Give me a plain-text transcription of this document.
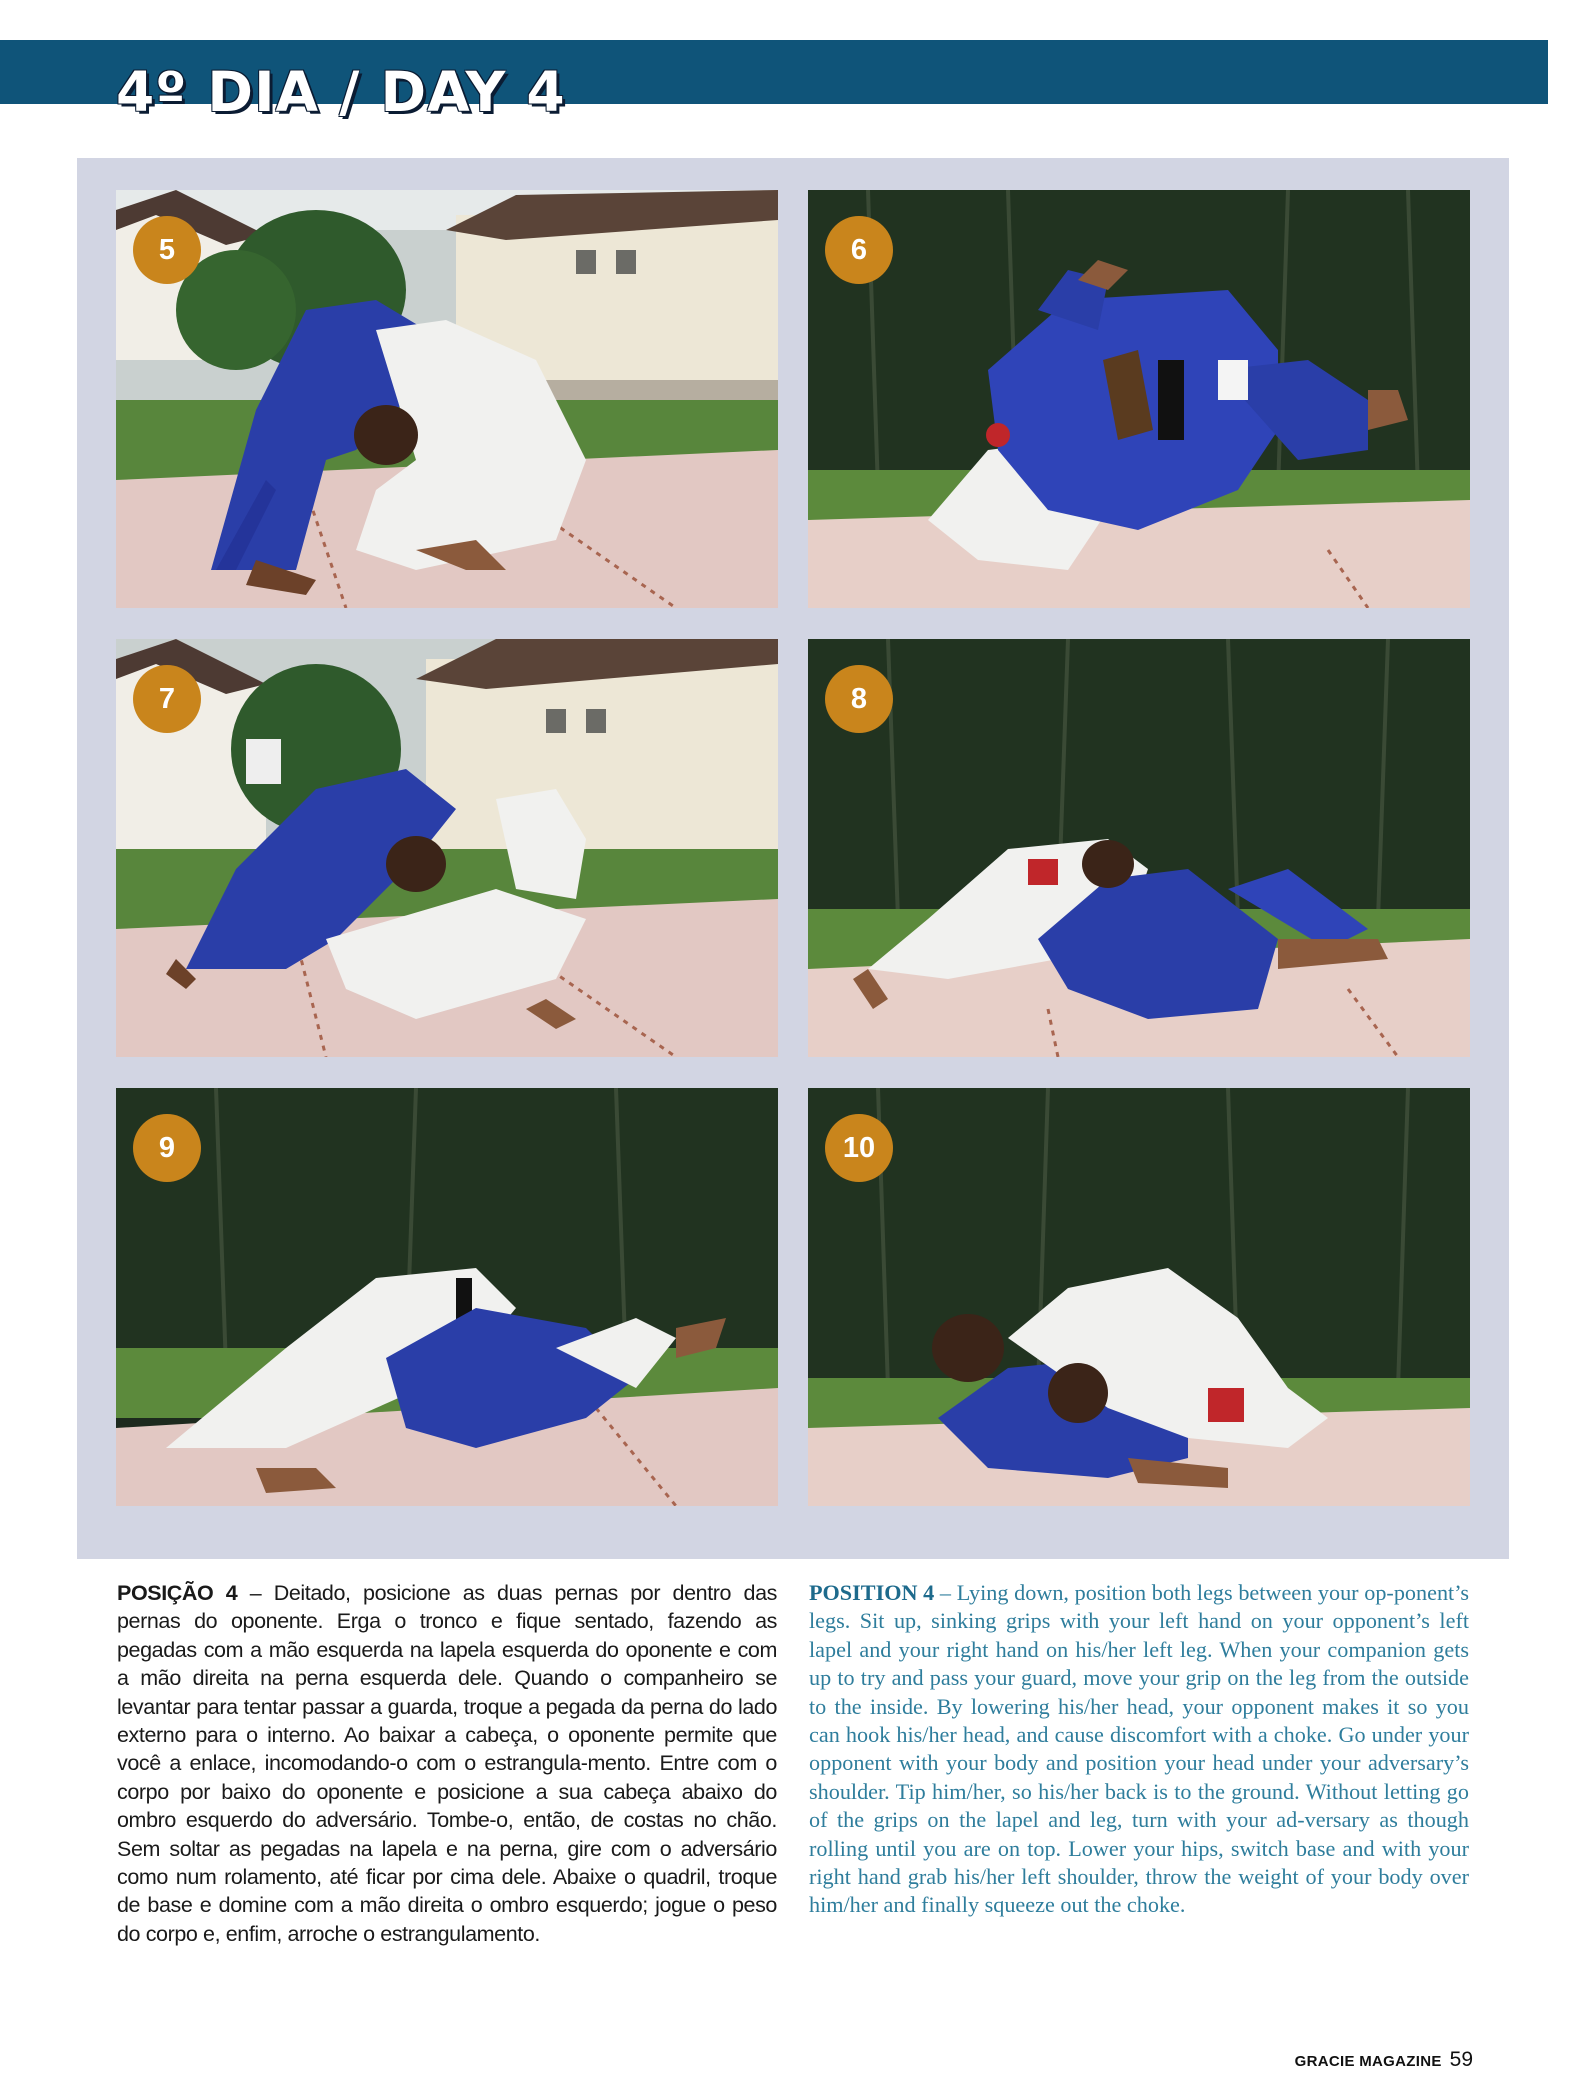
4º DIA / DAY 4
5	6
7	8
9	10

POSIÇÃO 4 – Deitado, posicione as duas pernas por dentro das pernas do oponente. Erga o tronco e fique sentado, fazendo as pegadas com a mão esquerda na lapela esquerda do oponente e com a mão direita na perna esquerda dele. Quando o companheiro se levantar para tentar passar a guarda, troque a pegada da perna do lado externo para o interno. Ao baixar a cabeça, o oponente permite que você a enlace, incomodando-o com o estrangula-mento. Entre com o corpo por baixo do oponente e posicione a sua cabeça abaixo do ombro esquerdo do adversário. Tombe-o, então, de costas no chão. Sem soltar as pegadas na lapela e na perna, gire com o adversário como num rolamento, até ficar por cima dele. Abaixe o quadril, troque de base e domine com a mão direita o ombro esquerdo; jogue o peso do corpo e, enfim, arroche o estrangulamento.

POSITION 4 – Lying down, position both legs between your op-ponent’s legs. Sit up, sinking grips with your left hand on your opponent’s left lapel and your right hand on his/her left leg. When your companion gets up to try and pass your guard, move your grip on the leg from the outside to the inside. By lowering his/her head, your opponent makes it so you can hook his/her head, and cause discomfort with a choke. Go under your opponent with your body and position your head under your adversary’s shoulder. Tip him/her, so his/her back is to the ground. Without letting go of the grips on the lapel and leg, turn with your ad-versary as though rolling until you are on top. Lower your hips, switch base and with your right hand grab his/her left shoulder, throw the weight of your body over him/her and finally squeeze out the choke.

GRACIE MAGAZINE 59
